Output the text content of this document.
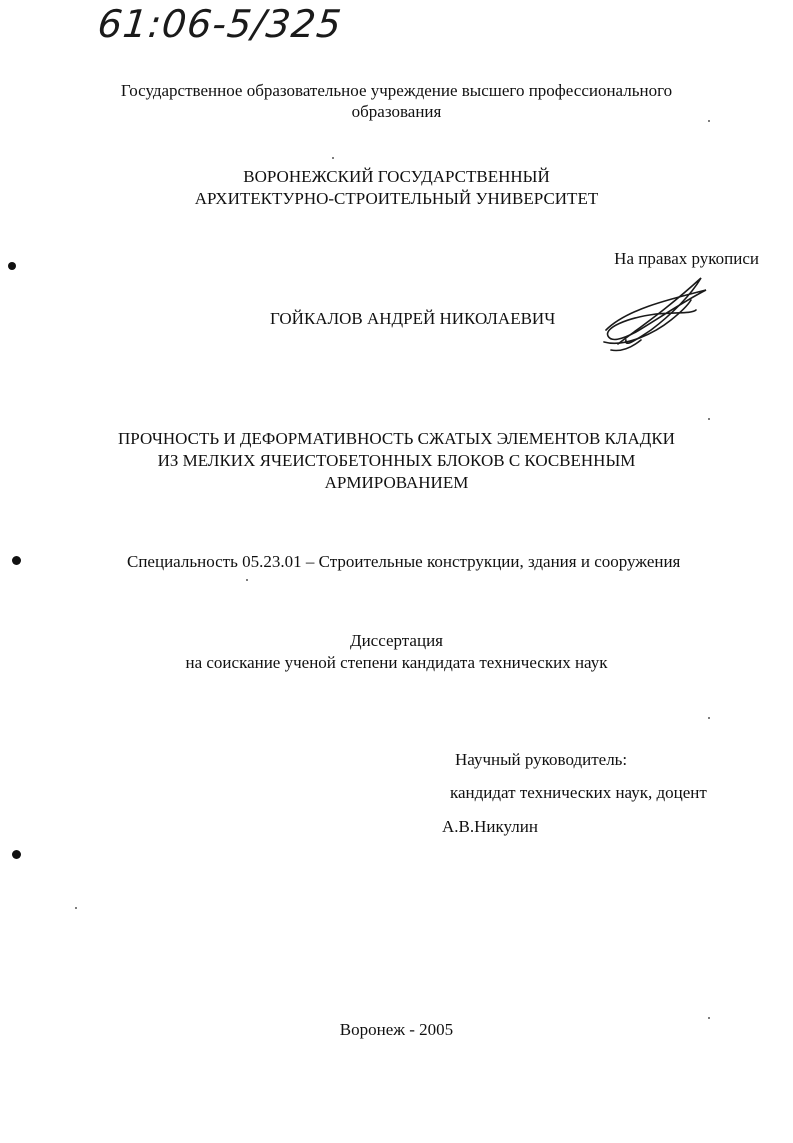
61:06-5/325
Государственное образовательное учреждение высшего профессионального
образования
ВОРОНЕЖСКИЙ ГОСУДАРСТВЕННЫЙ
АРХИТЕКТУРНО-СТРОИТЕЛЬНЫЙ УНИВЕРСИТЕТ
На правах рукописи
ГОЙКАЛОВ АНДРЕЙ НИКОЛАЕВИЧ
ПРОЧНОСТЬ И ДЕФОРМАТИВНОСТЬ СЖАТЫХ ЭЛЕМЕНТОВ КЛАДКИ
ИЗ МЕЛКИХ ЯЧЕИСТОБЕТОННЫХ БЛОКОВ С КОСВЕННЫМ
АРМИРОВАНИЕМ
Специальность 05.23.01 – Строительные конструкции, здания и сооружения
Диссертация
на соискание ученой степени кандидата технических наук
Научный руководитель:
кандидат технических наук, доцент
А.В.Никулин
Воронеж - 2005
